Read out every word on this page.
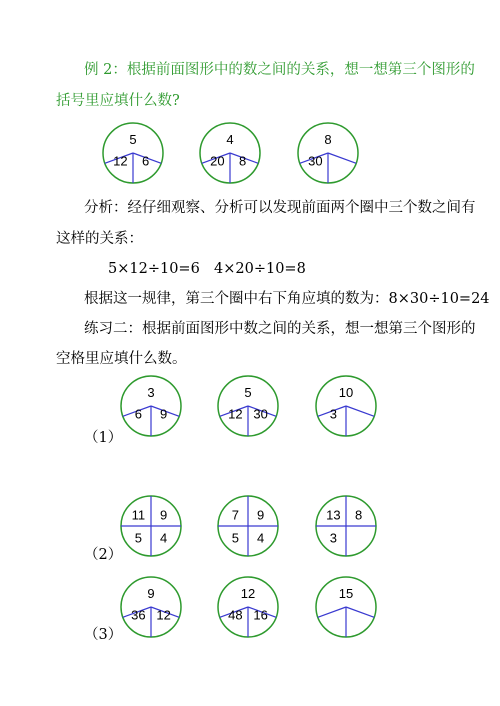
例 2：根据前面图形中的数之间的关系，想一想第三个图形的
括号里应填什么数?
分析：经仔细观察、分析可以发现前面两个圈中三个数之间有
这样的关系：
5×12÷10=6 4×20÷10=8
根据这一规律，第三个圈中右下角应填的数为：8×30÷10=24
练习二：根据前面图形中数之间的关系，想一想第三个图形的
空格里应填什么数。
（1）
（2）
（3）
5
12 6
4
20 8
8
30
3
6 9
5
12 30
10
3
11 9
5 4
7 9
5 4
13 8
3
9
36 12
12
48 16
15
